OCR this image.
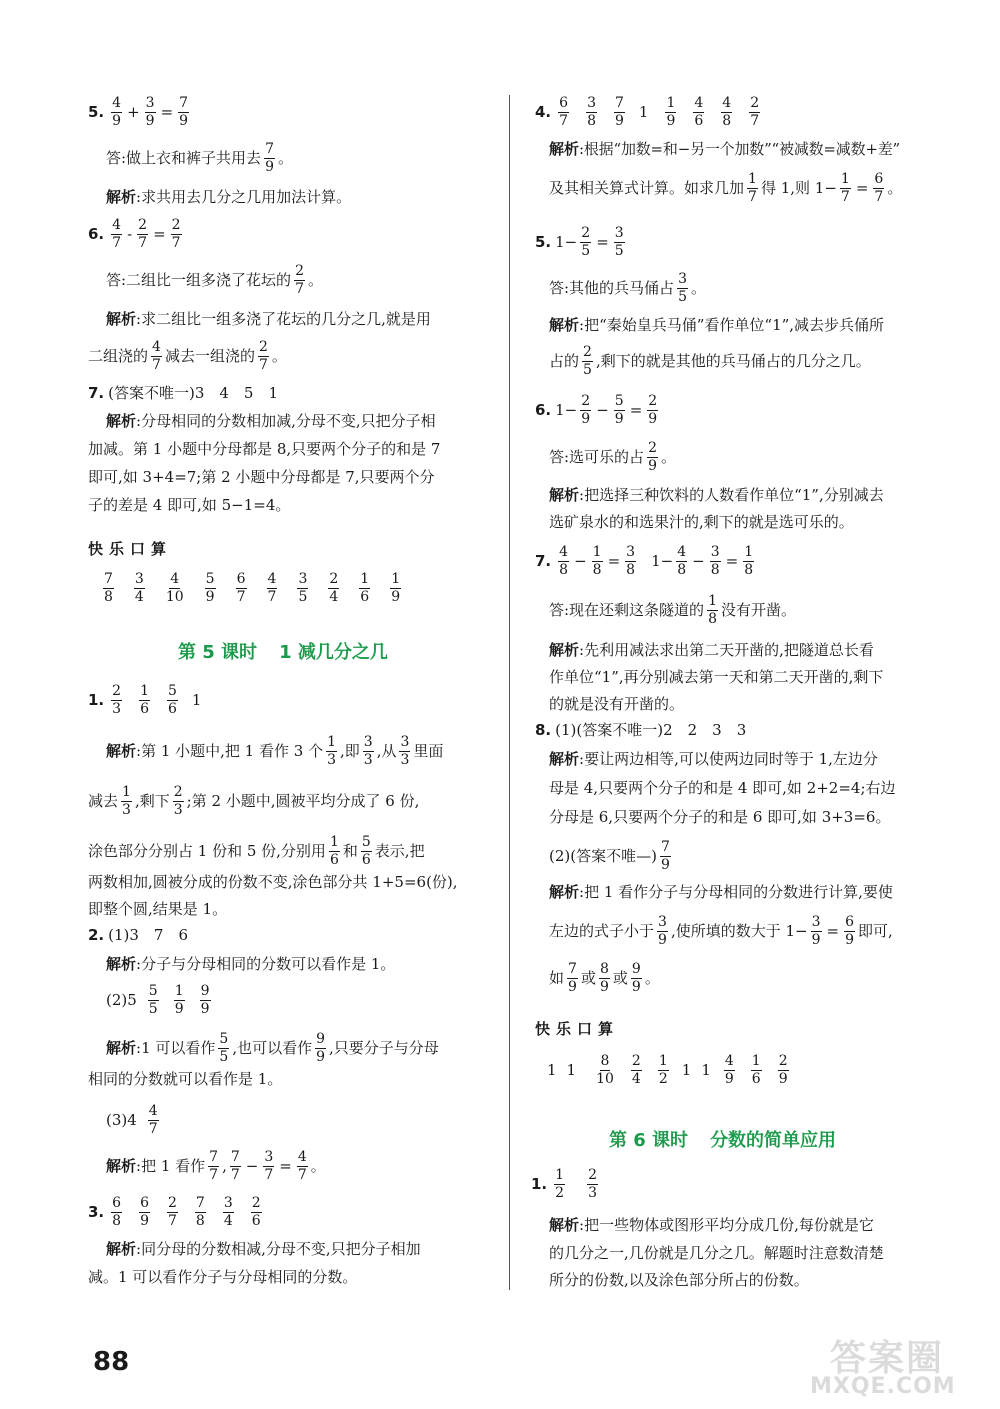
5. 4
$9 + \frac{3}{9} = \frac{7}{9}$
答:做上衣和裤子共用去 7
9 。
解析 :求共用去几分之几用加法计算。
6. 4
$7 - \frac{2}{7} = \frac{2}{7}$
答:二组比一组多浇了花坛的 2
7 。
解析 :求二组比一组多浇了花坛的几分之几,就是用
二组浇的 4
7 减去一组浇的 2
7 。
7. (答案不唯一)3　4　5　1
解析 :分母相同的分数相加减,分母不变,只把分子相
加减。第 1 小题中分母都是 8,只要两个分子的和是 7
即可,如 3+4=7;第 2 小题中分母都是 7,只要两个分
子的差是 4 即可,如 5−1=4。
快乐口算
7
8
3
4
4
10
5
9
6
7
4
7
3
5
2
4
1
6
1
9
第 5 课时 1 减几分之几
1. 2
3
1
6
5
6 1
解析 :第 1 小题中,把 1 看作 3 个 1
3 ,即 3
3 ,从 3
3 里面
减去 1
3 ,剩下 2
3 ;第 2 小题中,圆被平均分成了 6 份,
涂色部分分别占 1 份和 5 份,分别用 1
6 和 5
6 表示,把
两数相加,圆被分成的份数不变,涂色部分共 1+5=6(份),
即整个圆,结果是 1。
2. (1)3　7　6
解析 :分子与分母相同的分数可以看作是 1。
(2)5 5
5
1
9
9
9
解析 :1 可以看作 5
5 ,也可以看作 9
9 ,只要分子与分母
相同的分数就可以看作是 1。
(3)4 4
7
解析 :把 1 看作 7
7 , 7
$7 - \frac{3}{7} = \frac{4}{7}$ 。
3. 6
8
6
9
2
7
7
8
3
4
2
6
解析 :同分母的分数相减,分母不变,只把分子相加
减。1 可以看作分子与分母相同的分数。
4. 6
7
3
8
7
9 1 1
9
4
6
4
8
2
7
解析 :根据“加数=和−另一个加数”“被减数=减数+差”
及其相关算式计算。如求几加 1
7 得 1,则 $1- \frac{1}{7} = \frac{6}{7}$ 。
5. $1- \frac{2}{5} = \frac{3}{5}$
答:其他的兵马俑占 3
5 。
解析 :把“秦始皇兵马俑”看作单位“1”,减去步兵俑所
占的 2
5 ,剩下的就是其他的兵马俑占的几分之几。
6. $1- \frac{2}{9} - \frac{5}{9} = \frac{2}{9}$
答:选可乐的占 2
9 。
解析 :把选择三种饮料的人数看作单位“1”,分别减去
选矿泉水的和选果汁的,剩下的就是选可乐的。
7. 4
$8 - \frac{1}{8} = \frac{3}{8} 1- \frac{4}{8} - \frac{3}{8} = \frac{1}{8}$
答:现在还剩这条隧道的 1
8 没有开凿。
解析 :先利用减法求出第二天开凿的,把隧道总长看
作单位“1”,再分别减去第一天和第二天开凿的,剩下
的就是没有开凿的。
8. (1)(答案不唯一)2　2　3　3
解析 :要让两边相等,可以使两边同时等于 1,左边分
母是 4,只要两个分子的和是 4 即可,如 2+2=4;右边
分母是 6,只要两个分子的和是 6 即可,如 3+3=6。
(2)(答案不唯—) 7
9
解析 :把 1 看作分子与分母相同的分数进行计算,要使
左边的式子小于 3
9 ,使所填的数大于 $1- \frac{3}{9} = \frac{6}{9}$ 即可,
如 7
9 或 8
9 或 9
9 。
快乐口算
1 1 8
10
2
4
1
2 1 1 4
9
1
6
2
9
第 6 课时 分数的简单应用
1. 1
2
2
3
解析 :把一些物体或图形平均分成几份,每份就是它
的几分之一,几份就是几分之几。解题时注意数清楚
所分的份数,以及涂色部分所占的份数。
88	答案圈
MXQE.COM
